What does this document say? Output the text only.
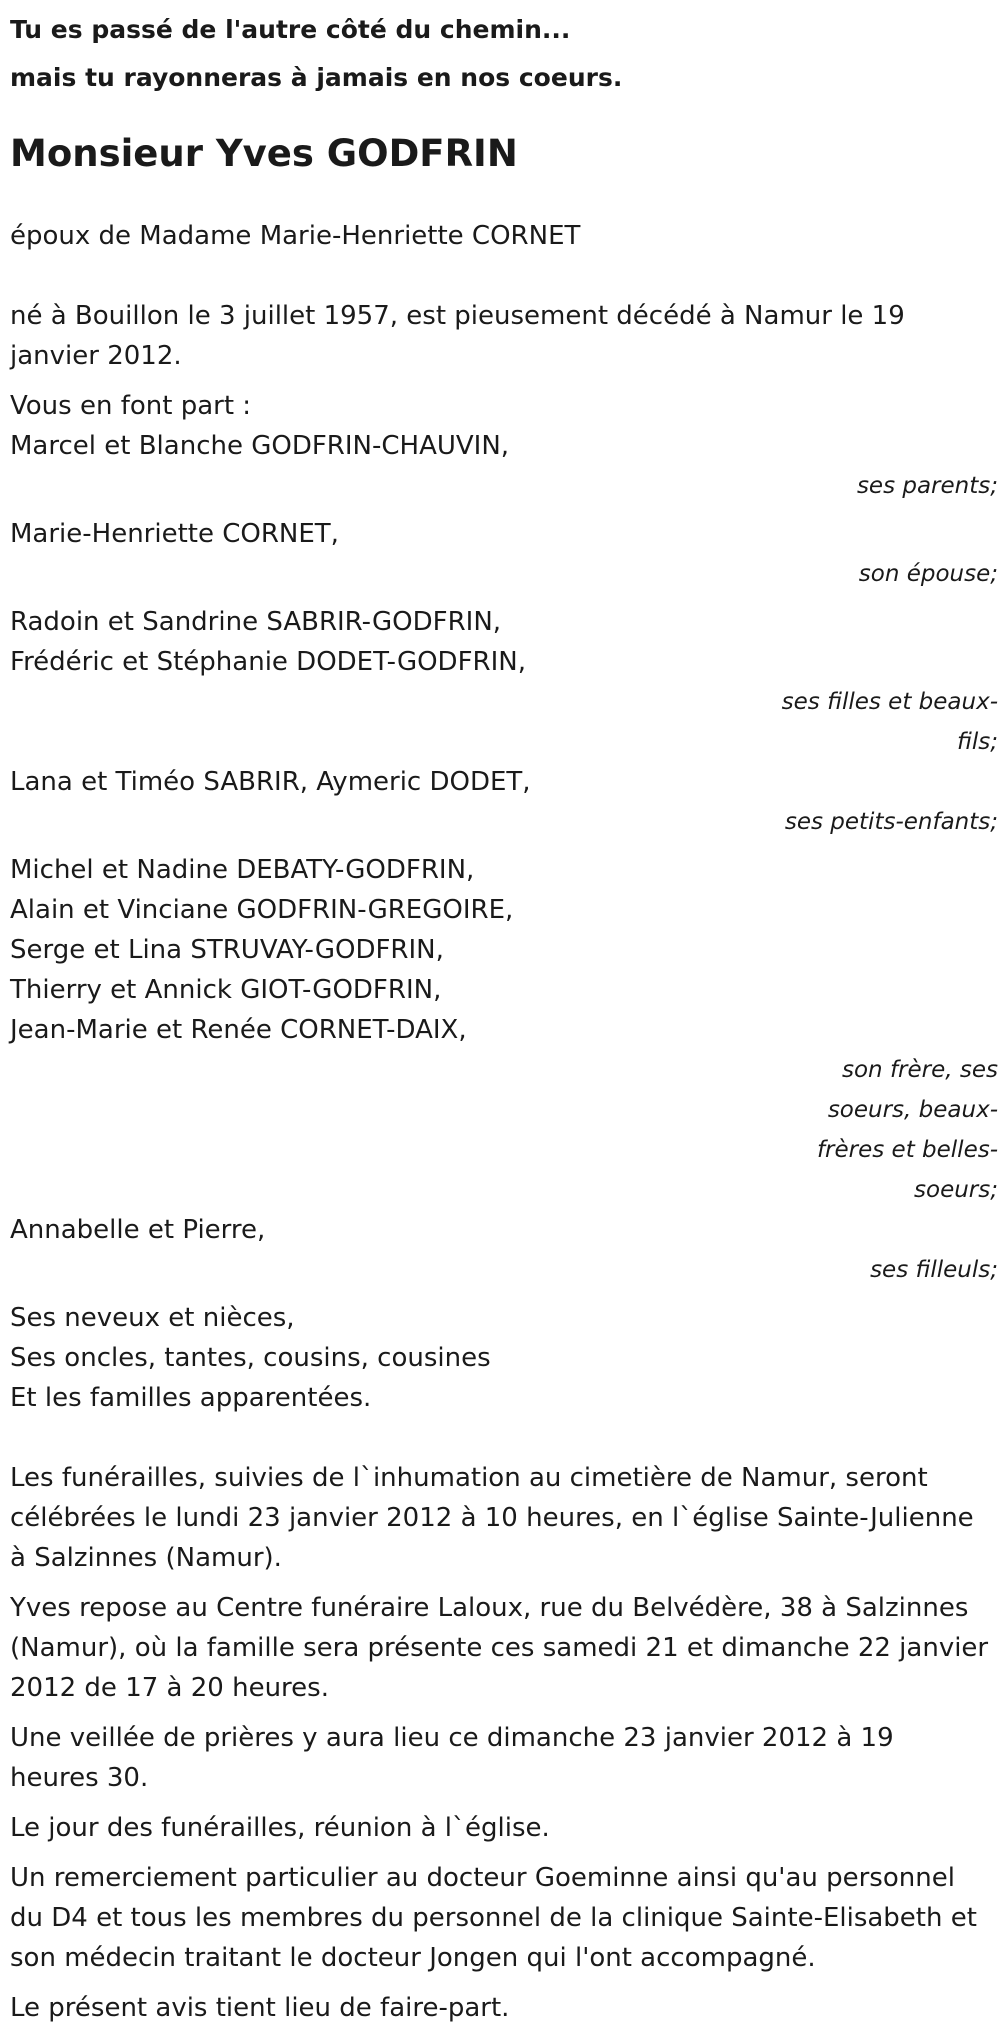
Tu es passé de l'autre côté du chemin...

mais tu rayonneras à jamais en nos coeurs.

Monsieur Yves GODFRIN

époux de Madame Marie-Henriette CORNET

né à Bouillon le 3 juillet 1957, est pieusement décédé à Namur le 19 janvier 2012.

Vous en font part :

Marcel et Blanche GODFRIN-CHAUVIN,

ses parents;

Marie-Henriette CORNET,

son épouse;

Radoin et Sandrine SABRIR-GODFRIN,

Frédéric et Stéphanie DODET-GODFRIN,

ses filles et beaux-fils;

Lana et Timéo SABRIR, Aymeric DODET,

ses petits-enfants;

Michel et Nadine DEBATY-GODFRIN,

Alain et Vinciane GODFRIN-GREGOIRE,

Serge et Lina STRUVAY-GODFRIN,

Thierry et Annick GIOT-GODFRIN,

Jean-Marie et Renée CORNET-DAIX,

son frère, ses soeurs, beaux-frères et belles-soeurs;

Annabelle et Pierre,

ses filleuls;

Ses neveux et nièces,

Ses oncles, tantes, cousins, cousines

Et les familles apparentées.

Les funérailles, suivies de l`inhumation au cimetière de Namur, seront célébrées le lundi 23 janvier 2012 à 10 heures, en l`église Sainte-Julienne à Salzinnes (Namur).

Yves repose au Centre funéraire Laloux, rue du Belvédère, 38 à Salzinnes (Namur), où la famille sera présente ces samedi 21 et dimanche 22 janvier 2012 de 17 à 20 heures.

Une veillée de prières y aura lieu ce dimanche 23 janvier 2012 à 19 heures 30.

Le jour des funérailles, réunion à l`église.

Un remerciement particulier au docteur Goeminne ainsi qu'au personnel du D4 et tous les membres du personnel de la clinique Sainte-Elisabeth et son médecin traitant le docteur Jongen qui l'ont accompagné.

Le présent avis tient lieu de faire-part.
